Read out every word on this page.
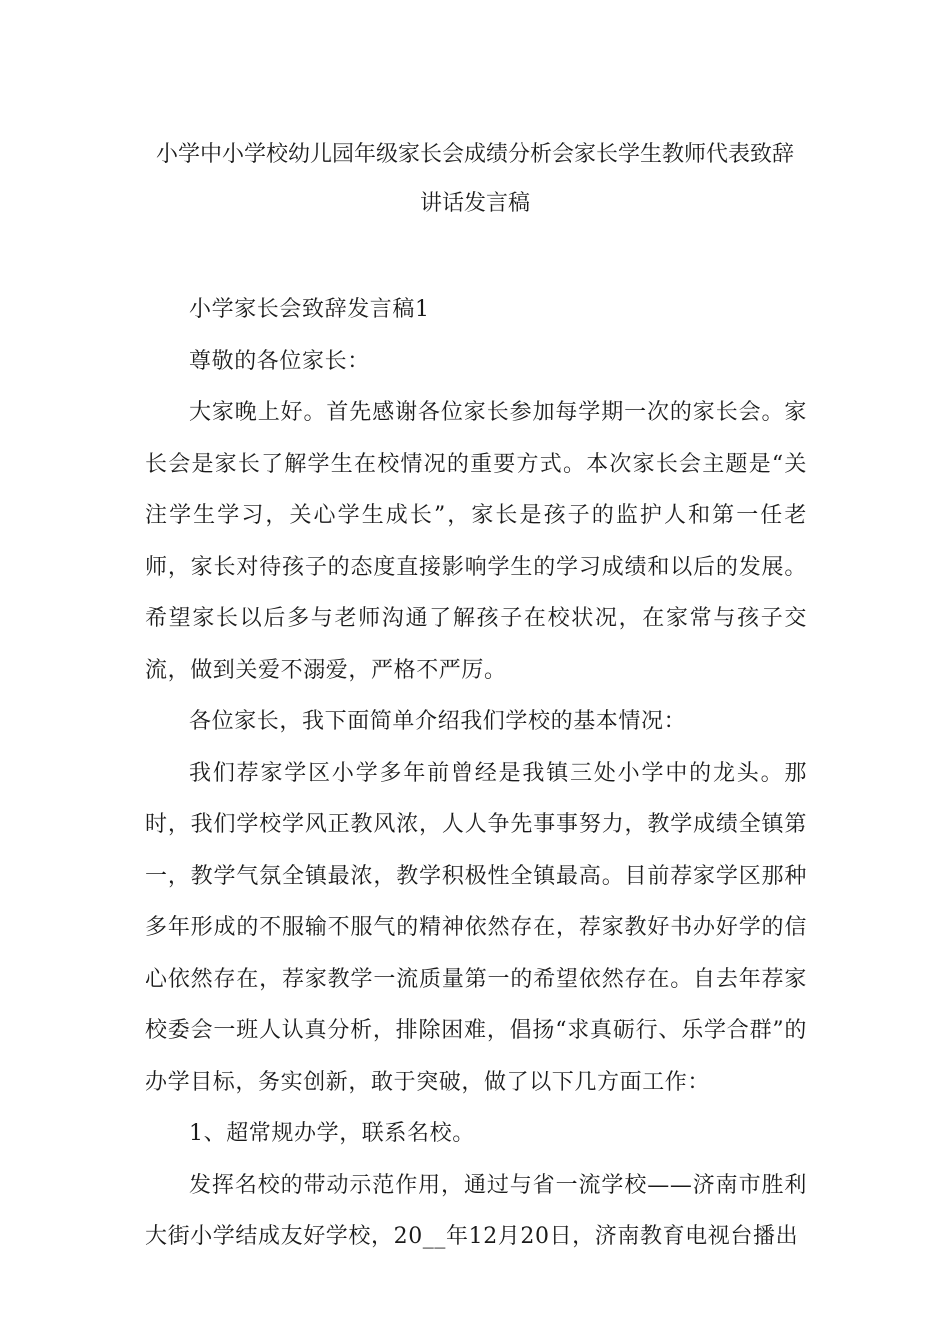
小学中小学校幼儿园年级家长会成绩分析会家长学生教师代表致辞
讲话发言稿

小学家长会致辞发言稿1

尊敬的各位家长：

大家晚上好。首先感谢各位家长参加每学期一次的家长会。家长会是家长了解学生在校情况的重要方式。本次家长会主题是“关注学生学习，关心学生成长”，家长是孩子的监护人和第一任老师，家长对待孩子的态度直接影响学生的学习成绩和以后的发展。希望家长以后多与老师沟通了解孩子在校状况，在家常与孩子交流，做到关爱不溺爱，严格不严厉。

各位家长，我下面简单介绍我们学校的基本情况：

我们荐家学区小学多年前曾经是我镇三处小学中的龙头。那时，我们学校学风正教风浓，人人争先事事努力，教学成绩全镇第一，教学气氛全镇最浓，教学积极性全镇最高。目前荐家学区那种多年形成的不服输不服气的精神依然存在，荐家教好书办好学的信心依然存在，荐家教学一流质量第一的希望依然存在。自去年荐家校委会一班人认真分析，排除困难，倡扬“求真砺行、乐学合群”的办学目标，务实创新，敢于突破，做了以下几方面工作：

1、超常规办学，联系名校。

发挥名校的带动示范作用，通过与省一流学校——济南市胜利大街小学结成友好学校，20__年12月20日，济南教育电视台播出
